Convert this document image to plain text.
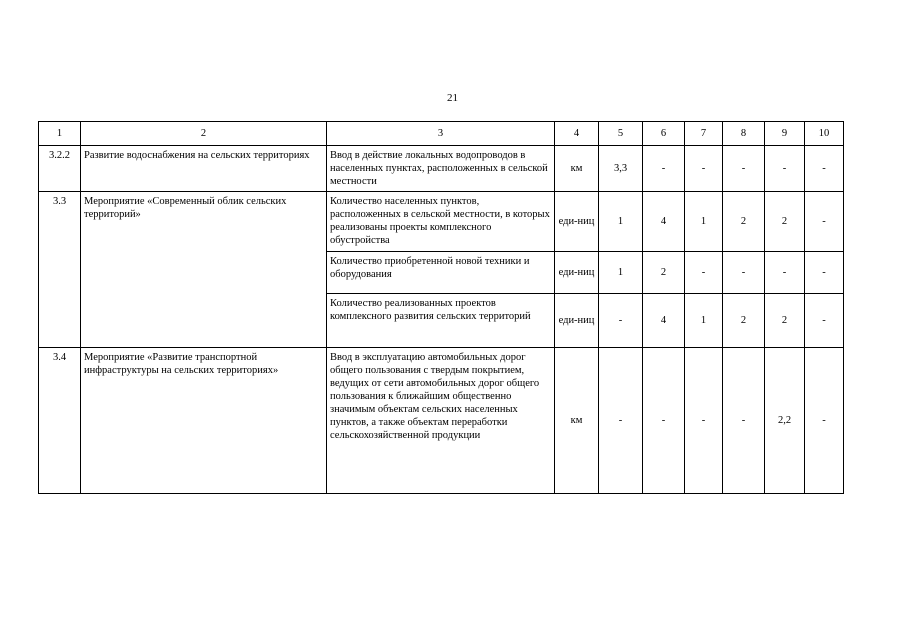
21
1	2	3	4	5	6	7	8	9	10
3.2.2	Развитие водоснабжения на сельских территориях	Ввод в действие локальных водопроводов в населенных пунктах, расположенных в сельской местности	км	3,3	-	-	-	-	-
3.3	Мероприятие «Современный облик сельских территорий»	Количество населенных пунктов, расположенных в сельской местности, в которых реализованы проекты комплексного обустройства	еди-ниц	1	4	1	2	2	-
		Количество приобретенной новой техники и оборудования	еди-ниц	1	2	-	-	-	-
		Количество реализованных проектов комплексного развития сельских территорий	еди-ниц	-	4	1	2	2	-
3.4	Мероприятие «Развитие транспортной инфраструктуры на сельских территориях»	Ввод в эксплуатацию автомобильных дорог общего пользования с твердым покрытием, ведущих от сети автомобильных дорог общего пользования к ближайшим общественно значимым объектам сельских населенных пунктов, а также объектам переработки сельскохозяйственной продукции	км	-	-	-	-	2,2	-
